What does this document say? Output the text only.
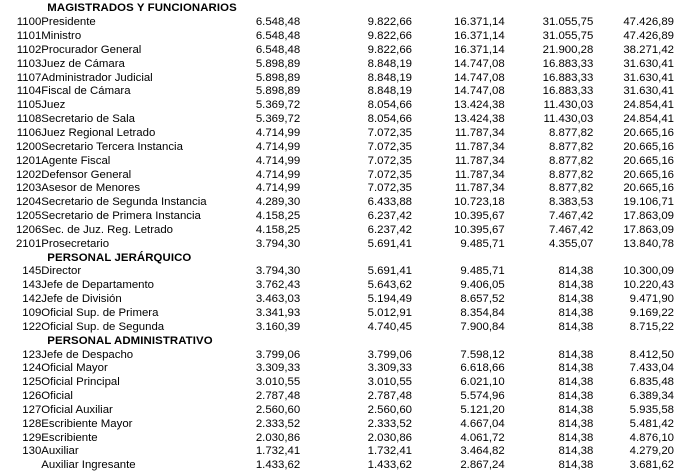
	MAGISTRADOS Y FUNCIONARIOS					
1100	Presidente	6.548,48	9.822,66	16.371,14	31.055,75	47.426,89
1101	Ministro	6.548,48	9.822,66	16.371,14	31.055,75	47.426,89
1102	Procurador General	6.548,48	9.822,66	16.371,14	21.900,28	38.271,42
1103	Juez de Cámara	5.898,89	8.848,19	14.747,08	16.883,33	31.630,41
1107	Administrador Judicial	5.898,89	8.848,19	14.747,08	16.883,33	31.630,41
1104	Fiscal de Cámara	5.898,89	8.848,19	14.747,08	16.883,33	31.630,41
1105	Juez	5.369,72	8.054,66	13.424,38	11.430,03	24.854,41
1108	Secretario de Sala	5.369,72	8.054,66	13.424,38	11.430,03	24.854,41
1106	Juez Regional Letrado	4.714,99	7.072,35	11.787,34	8.877,82	20.665,16
1200	Secretario Tercera Instancia	4.714,99	7.072,35	11.787,34	8.877,82	20.665,16
1201	Agente Fiscal	4.714,99	7.072,35	11.787,34	8.877,82	20.665,16
1202	Defensor General	4.714,99	7.072,35	11.787,34	8.877,82	20.665,16
1203	Asesor de Menores	4.714,99	7.072,35	11.787,34	8.877,82	20.665,16
1204	Secretario de Segunda Instancia	4.289,30	6.433,88	10.723,18	8.383,53	19.106,71
1205	Secretario de Primera Instancia	4.158,25	6.237,42	10.395,67	7.467,42	17.863,09
1206	Sec. de Juz. Reg. Letrado	4.158,25	6.237,42	10.395,67	7.467,42	17.863,09
2101	Prosecretario	3.794,30	5.691,41	9.485,71	4.355,07	13.840,78
	PERSONAL JERÁRQUICO					
145	Director	3.794,30	5.691,41	9.485,71	814,38	10.300,09
143	Jefe de Departamento	3.762,43	5.643,62	9.406,05	814,38	10.220,43
142	Jefe de División	3.463,03	5.194,49	8.657,52	814,38	9.471,90
109	Oficial Sup. de Primera	3.341,93	5.012,91	8.354,84	814,38	9.169,22
122	Oficial Sup. de Segunda	3.160,39	4.740,45	7.900,84	814,38	8.715,22
	PERSONAL ADMINISTRATIVO					
123	Jefe de Despacho	3.799,06	3.799,06	7.598,12	814,38	8.412,50
124	Oficial Mayor	3.309,33	3.309,33	6.618,66	814,38	7.433,04
125	Oficial Principal	3.010,55	3.010,55	6.021,10	814,38	6.835,48
126	Oficial	2.787,48	2.787,48	5.574,96	814,38	6.389,34
127	Oficial Auxiliar	2.560,60	2.560,60	5.121,20	814,38	5.935,58
128	Escribiente Mayor	2.333,52	2.333,52	4.667,04	814,38	5.481,42
129	Escribiente	2.030,86	2.030,86	4.061,72	814,38	4.876,10
130	Auxiliar	1.732,41	1.732,41	3.464,82	814,38	4.279,20
	Auxiliar Ingresante	1.433,62	1.433,62	2.867,24	814,38	3.681,62
